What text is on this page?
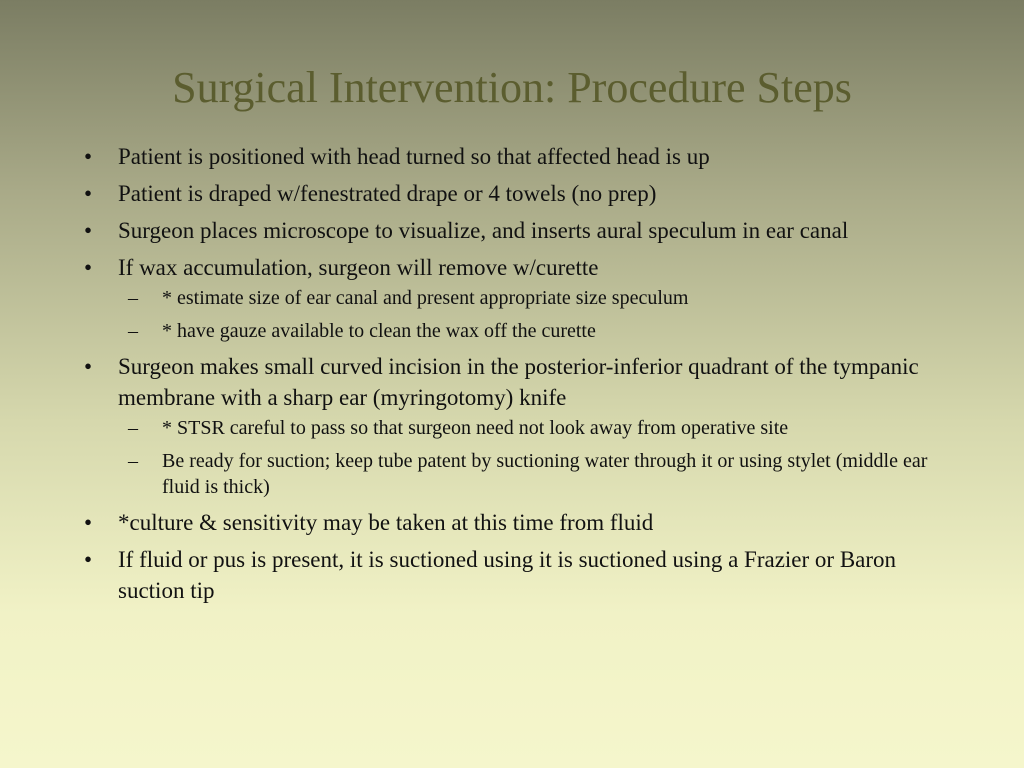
Surgical Intervention: Procedure Steps
• Patient is positioned with head turned so that affected head is up
• Patient is draped w/fenestrated drape or 4 towels (no prep)
• Surgeon places microscope to visualize, and inserts aural speculum in ear canal
• If wax accumulation, surgeon will remove w/curette
– * estimate size of ear canal and present appropriate size speculum
– * have gauze available to clean the wax off the curette
• Surgeon makes small curved incision in the posterior-inferior quadrant of the tympanic membrane with a sharp ear (myringotomy) knife
– * STSR careful to pass so that surgeon need not look away from operative site
– Be ready for suction; keep tube patent by suctioning water through it or using stylet (middle ear fluid is thick)
• *culture & sensitivity may be taken at this time from fluid
• If fluid or pus is present, it is suctioned using it is suctioned using a Frazier or Baron suction tip
